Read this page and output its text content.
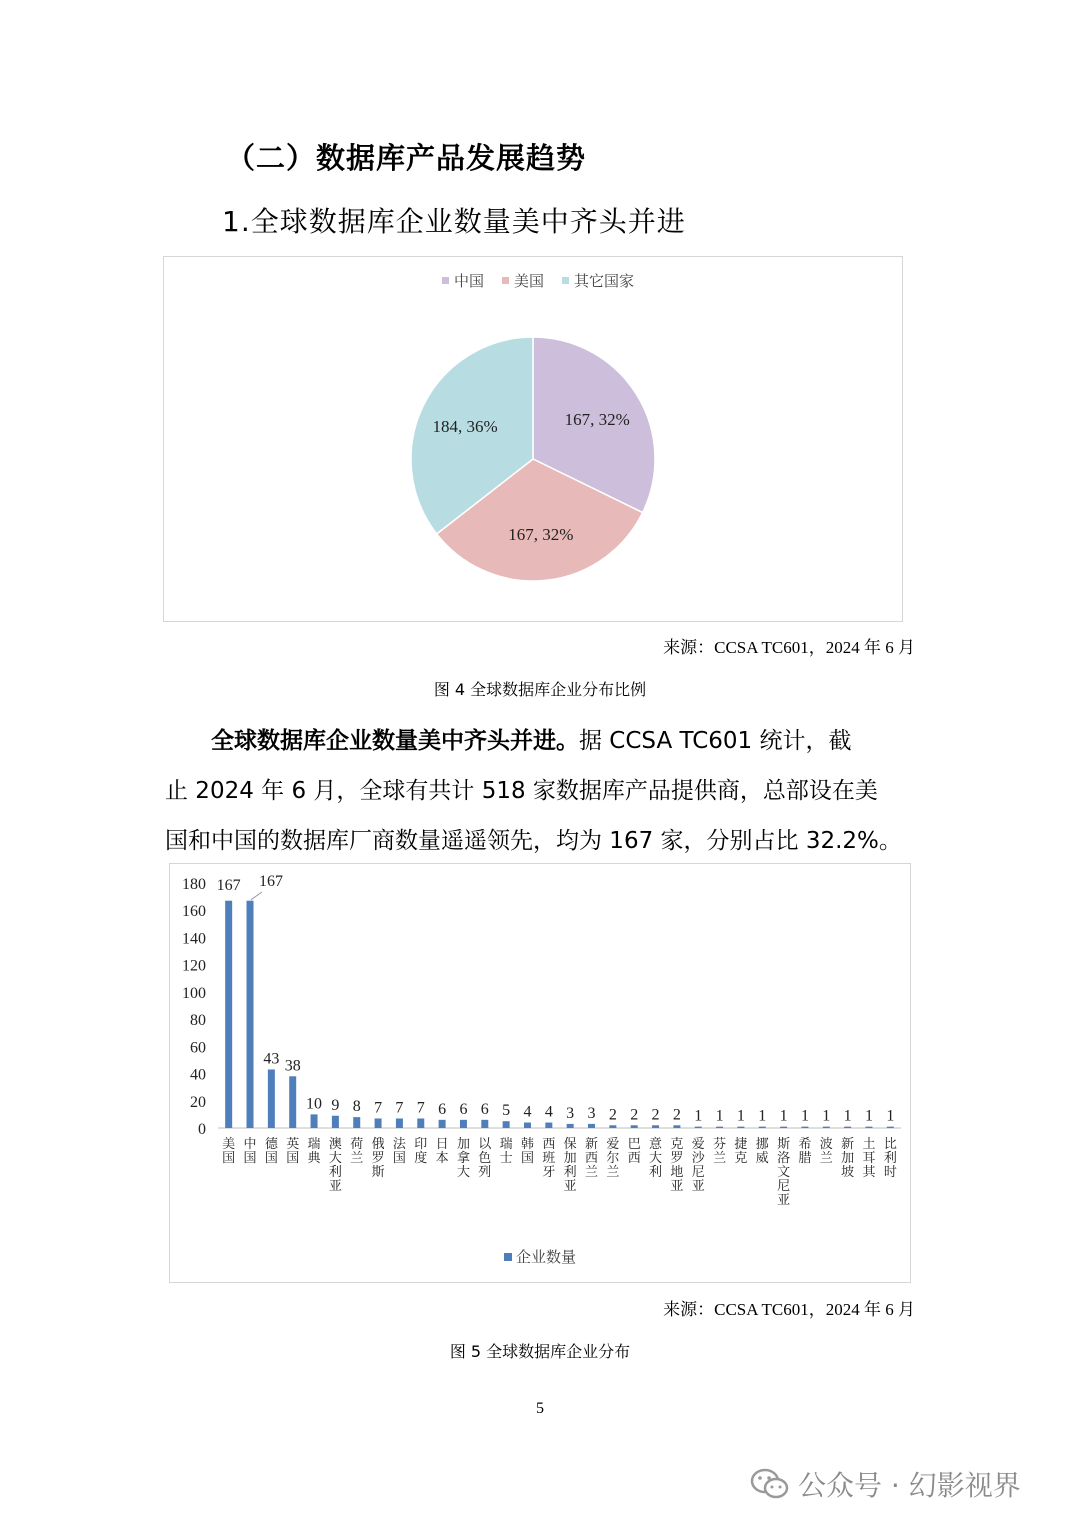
（二）数据库产品发展趋势
1.全球数据库企业数量美中齐头并进
中国 美国 其它国家
167, 32%
167, 32%
184, 36%
来源：CCSA TC601，2024 年 6 月
图 4 全球数据库企业分布比例

全球数据库企业数量美中齐头并进。据 CCSA TC601 统计，截

止 2024 年 6 月，全球有共计 518 家数据库产品提供商，总部设在美

国和中国的数据库厂商数量遥遥领先，均为 167 家，分别占比 32.2%。

0
20
40
60
80
100
120
140
160
180 167
美
国
167
中
国
43
德
国
38
英
国
10
瑞
典
9
澳
大
利
亚
8
荷
兰
7
俄
罗
斯
7
法
国
7
印
度
6
日
本
6
加
拿
大
6
以
色
列
5
瑞
士
4
韩
国
4
西
班
牙
3
保
加
利
亚
3
新
西
兰
2
爱
尔
兰
2
巴
西
2
意
大
利
2
克
罗
地
亚
1
爱
沙
尼
亚
1
芬
兰
1
捷
克
1
挪
威
1
斯
洛
文
尼
亚
1
希
腊
1
波
兰
1
新
加
坡
1
土
耳
其
1
比
利
时
企业数量
来源：CCSA TC601，2024 年 6 月
图 5 全球数据库企业分布
5
公众号 · 幻影视界
